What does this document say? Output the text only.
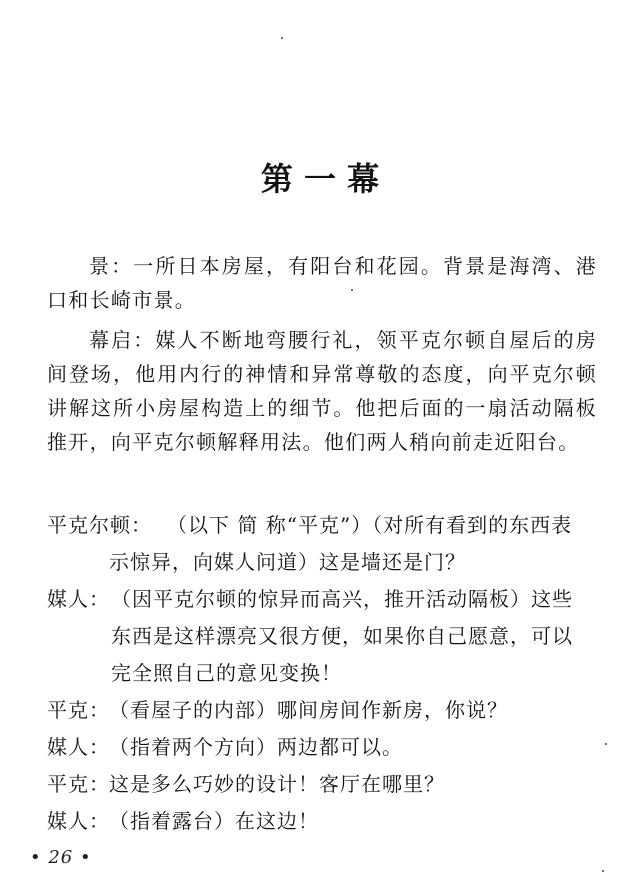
第 一 幕

景：一所日本房屋，有阳台和花园。背景是海湾、港口和长崎市景。

幕启：媒人不断地弯腰行礼，领平克尔顿自屋后的房间登场，他用内行的神情和异常尊敬的态度，向平克尔顿讲解这所小房屋构造上的细节。他把后面的一扇活动隔板推开，向平克尔顿解释用法。他们两人稍向前走近阳台。

平克尔顿： （以下 简 称“平克”）（对所有看到的东西表
示惊异，向媒人问道）这是墙还是门？
媒 人： （因平克尔顿的惊异而高兴，推开活动隔板）这些
东西是这样漂亮又很方便，如果你自己愿意，可以
完全照自己的意见变换！
平 克： （看屋子的内部）哪间房间作新房，你说？
媒 人： （指着两个方向）两边都可以。
平 克： 这是多么巧妙的设计！客厅在哪里？
媒 人： （指着露台）在这边！
• 26 •
